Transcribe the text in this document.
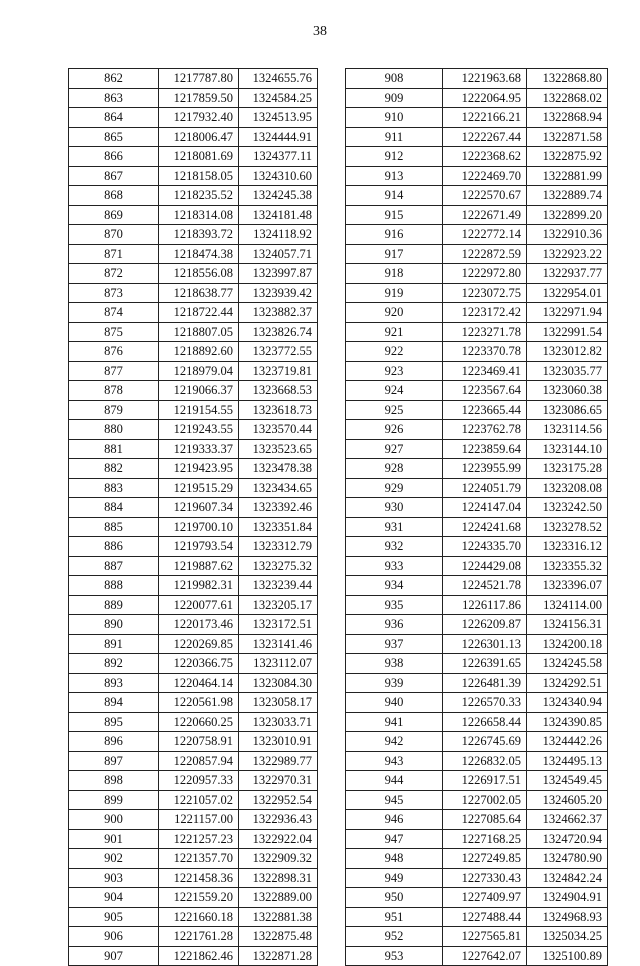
38
862	1217787.80	1324655.76
863	1217859.50	1324584.25
864	1217932.40	1324513.95
865	1218006.47	1324444.91
866	1218081.69	1324377.11
867	1218158.05	1324310.60
868	1218235.52	1324245.38
869	1218314.08	1324181.48
870	1218393.72	1324118.92
871	1218474.38	1324057.71
872	1218556.08	1323997.87
873	1218638.77	1323939.42
874	1218722.44	1323882.37
875	1218807.05	1323826.74
876	1218892.60	1323772.55
877	1218979.04	1323719.81
878	1219066.37	1323668.53
879	1219154.55	1323618.73
880	1219243.55	1323570.44
881	1219333.37	1323523.65
882	1219423.95	1323478.38
883	1219515.29	1323434.65
884	1219607.34	1323392.46
885	1219700.10	1323351.84
886	1219793.54	1323312.79
887	1219887.62	1323275.32
888	1219982.31	1323239.44
889	1220077.61	1323205.17
890	1220173.46	1323172.51
891	1220269.85	1323141.46
892	1220366.75	1323112.07
893	1220464.14	1323084.30
894	1220561.98	1323058.17
895	1220660.25	1323033.71
896	1220758.91	1323010.91
897	1220857.94	1322989.77
898	1220957.33	1322970.31
899	1221057.02	1322952.54
900	1221157.00	1322936.43
901	1221257.23	1322922.04
902	1221357.70	1322909.32
903	1221458.36	1322898.31
904	1221559.20	1322889.00
905	1221660.18	1322881.38
906	1221761.28	1322875.48
907	1221862.46	1322871.28
908	1221963.68	1322868.80
909	1222064.95	1322868.02
910	1222166.21	1322868.94
911	1222267.44	1322871.58
912	1222368.62	1322875.92
913	1222469.70	1322881.99
914	1222570.67	1322889.74
915	1222671.49	1322899.20
916	1222772.14	1322910.36
917	1222872.59	1322923.22
918	1222972.80	1322937.77
919	1223072.75	1322954.01
920	1223172.42	1322971.94
921	1223271.78	1322991.54
922	1223370.78	1323012.82
923	1223469.41	1323035.77
924	1223567.64	1323060.38
925	1223665.44	1323086.65
926	1223762.78	1323114.56
927	1223859.64	1323144.10
928	1223955.99	1323175.28
929	1224051.79	1323208.08
930	1224147.04	1323242.50
931	1224241.68	1323278.52
932	1224335.70	1323316.12
933	1224429.08	1323355.32
934	1224521.78	1323396.07
935	1226117.86	1324114.00
936	1226209.87	1324156.31
937	1226301.13	1324200.18
938	1226391.65	1324245.58
939	1226481.39	1324292.51
940	1226570.33	1324340.94
941	1226658.44	1324390.85
942	1226745.69	1324442.26
943	1226832.05	1324495.13
944	1226917.51	1324549.45
945	1227002.05	1324605.20
946	1227085.64	1324662.37
947	1227168.25	1324720.94
948	1227249.85	1324780.90
949	1227330.43	1324842.24
950	1227409.97	1324904.91
951	1227488.44	1324968.93
952	1227565.81	1325034.25
953	1227642.07	1325100.89
